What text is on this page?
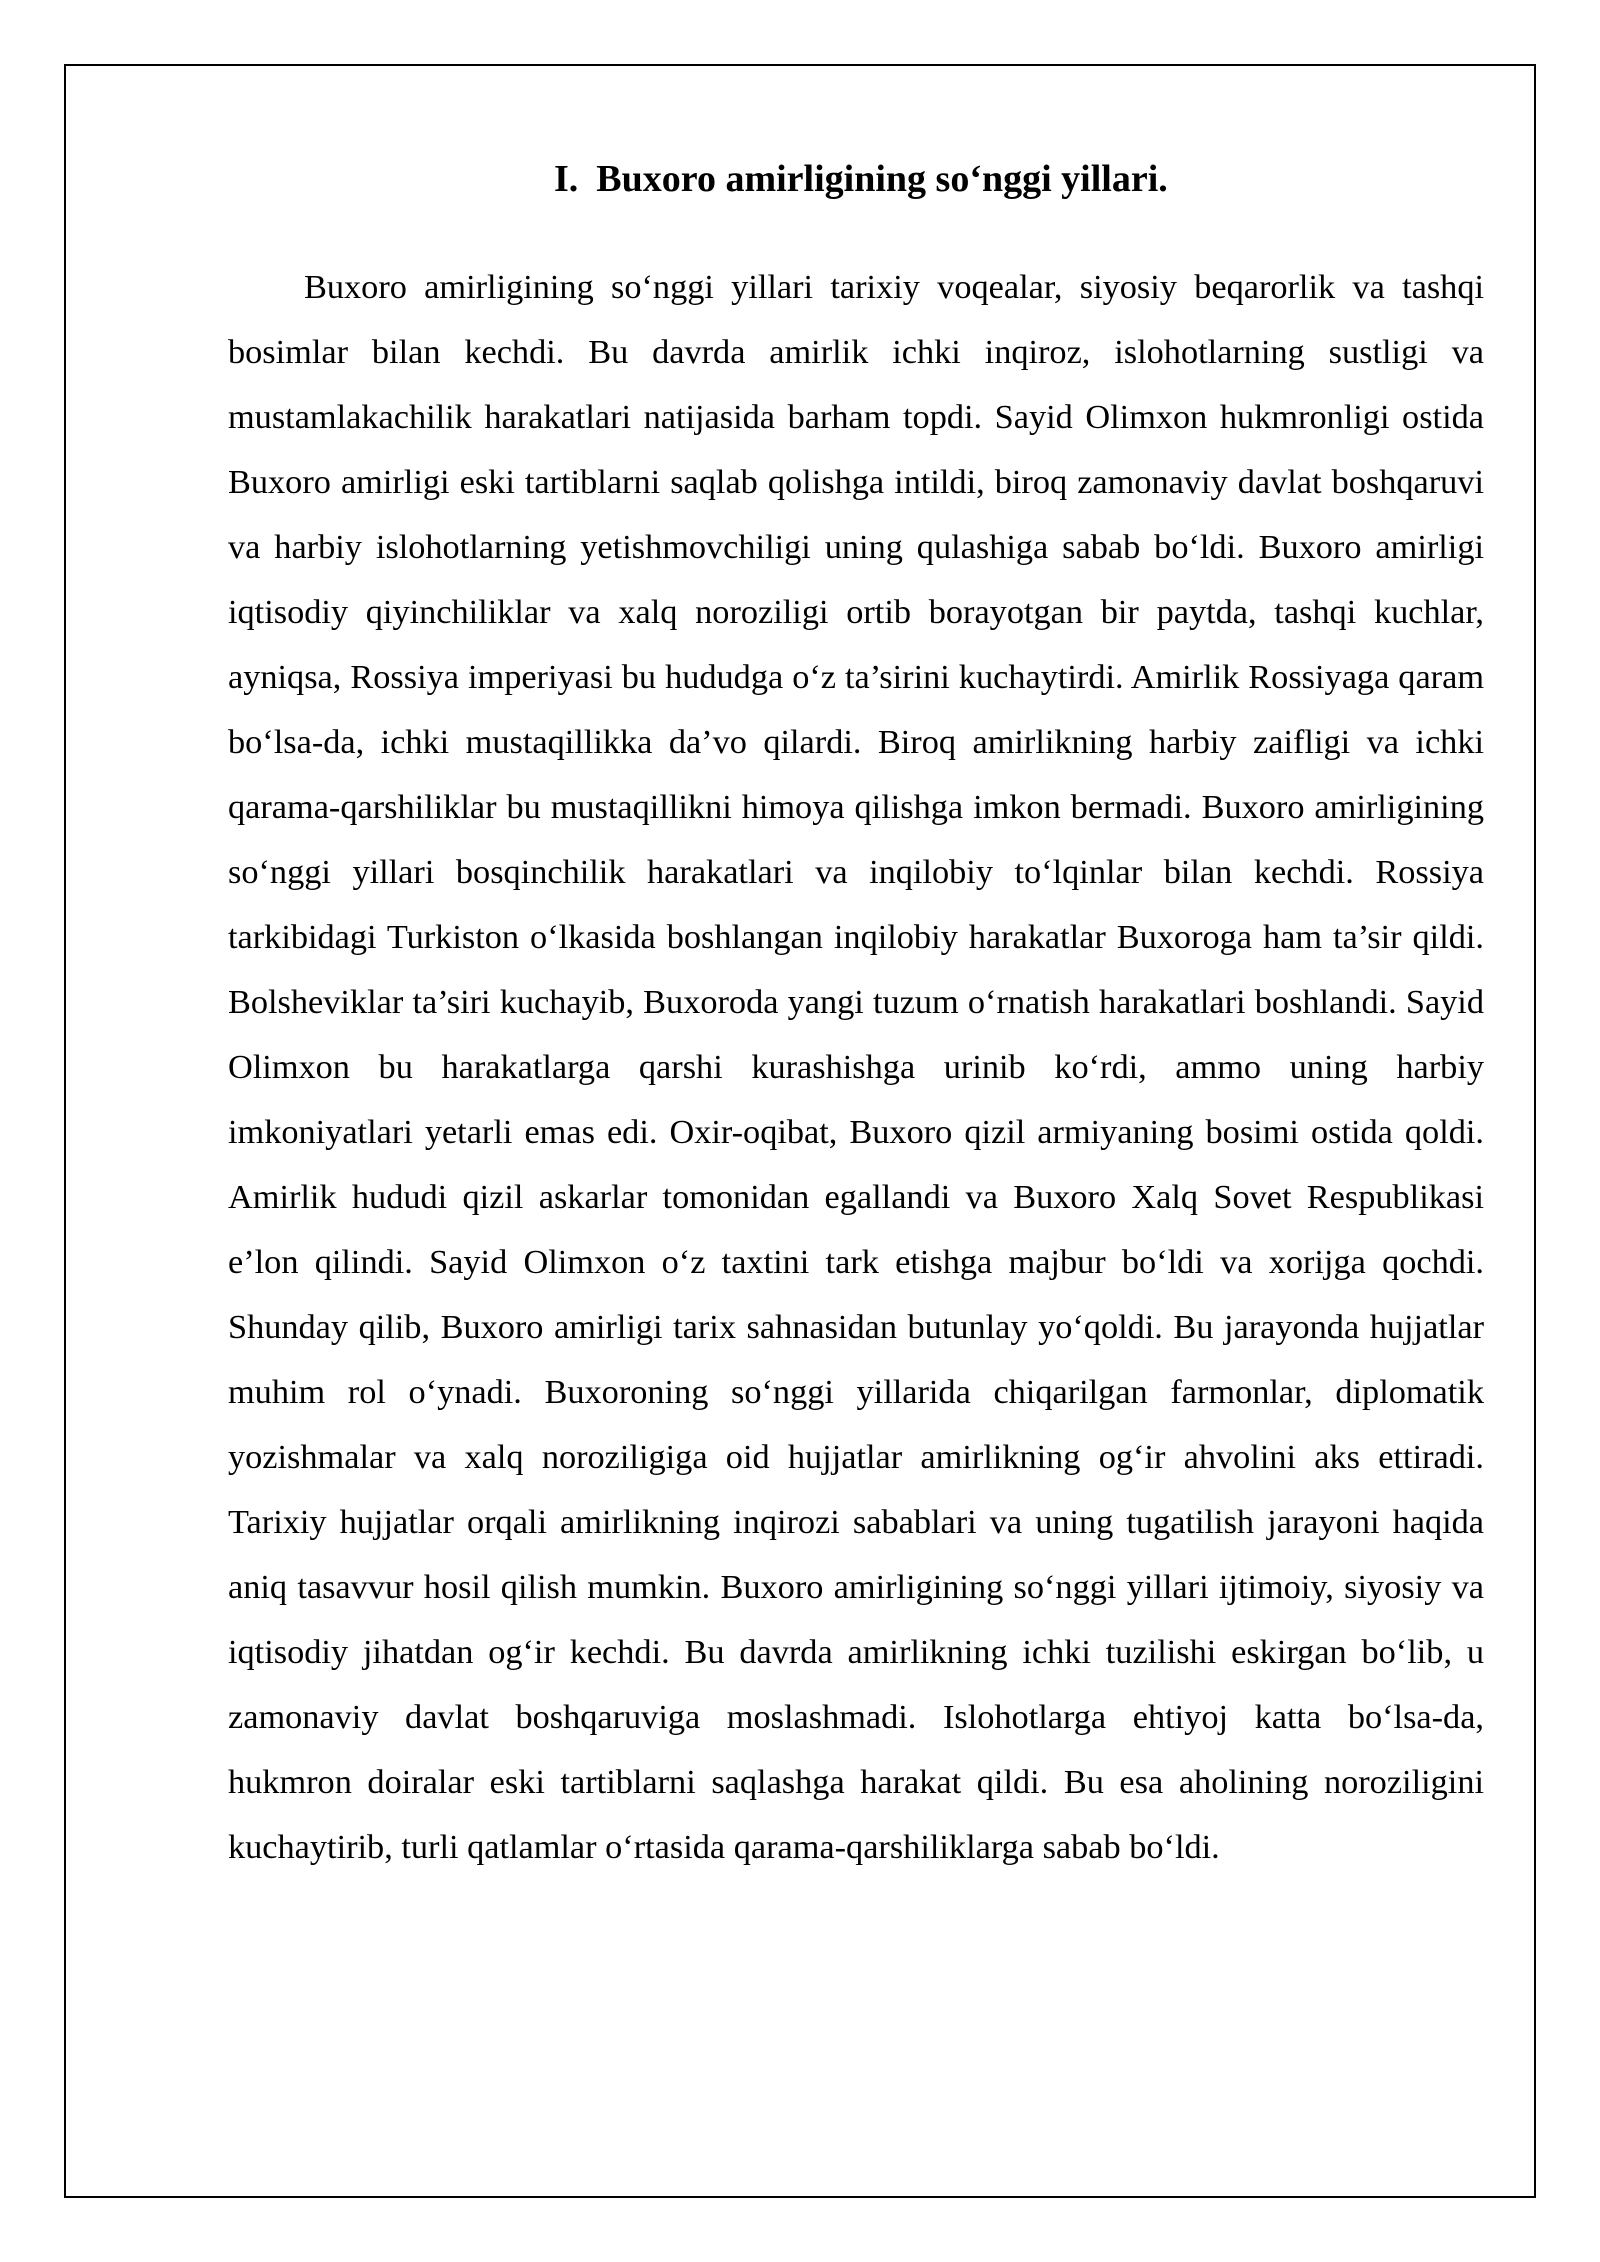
I. Buxoro amirligining so‘nggi yillari.

Buxoro amirligining so‘nggi yillari tarixiy voqealar, siyosiy beqarorlik va tashqi bosimlar bilan kechdi. Bu davrda amirlik ichki inqiroz, islohotlarning sustligi va mustamlakachilik harakatlari natijasida barham topdi. Sayid Olimxon hukmronligi ostida Buxoro amirligi eski tartiblarni saqlab qolishga intildi, biroq zamonaviy davlat boshqaruvi va harbiy islohotlarning yetishmovchiligi uning qulashiga sabab bo‘ldi. Buxoro amirligi iqtisodiy qiyinchiliklar va xalq noroziligi ortib borayotgan bir paytda, tashqi kuchlar, ayniqsa, Rossiya imperiyasi bu hududga o‘z ta’sirini kuchaytirdi. Amirlik Rossiyaga qaram bo‘lsa-da, ichki mustaqillikka da’vo qilardi. Biroq amirlikning harbiy zaifligi va ichki qarama-qarshiliklar bu mustaqillikni himoya qilishga imkon bermadi. Buxoro amirligining so‘nggi yillari bosqinchilik harakatlari va inqilobiy to‘lqinlar bilan kechdi. Rossiya tarkibidagi Turkiston o‘lkasida boshlangan inqilobiy harakatlar Buxoroga ham ta’sir qildi. Bolsheviklar ta’siri kuchayib, Buxoroda yangi tuzum o‘rnatish harakatlari boshlandi. Sayid Olimxon bu harakatlarga qarshi kurashishga urinib ko‘rdi, ammo uning harbiy imkoniyatlari yetarli emas edi. Oxir-oqibat, Buxoro qizil armiyaning bosimi ostida qoldi. Amirlik hududi qizil askarlar tomonidan egallandi va Buxoro Xalq Sovet Respublikasi e’lon qilindi. Sayid Olimxon o‘z taxtini tark etishga majbur bo‘ldi va xorijga qochdi. Shunday qilib, Buxoro amirligi tarix sahnasidan butunlay yo‘qoldi. Bu jarayonda hujjatlar muhim rol o‘ynadi. Buxoroning so‘nggi yillarida chiqarilgan farmonlar, diplomatik yozishmalar va xalq noroziligiga oid hujjatlar amirlikning og‘ir ahvolini aks ettiradi. Tarixiy hujjatlar orqali amirlikning inqirozi sabablari va uning tugatilish jarayoni haqida aniq tasavvur hosil qilish mumkin. Buxoro amirligining so‘nggi yillari ijtimoiy, siyosiy va iqtisodiy jihatdan og‘ir kechdi. Bu davrda amirlikning ichki tuzilishi eskirgan bo‘lib, u zamonaviy davlat boshqaruviga moslashmadi. Islohotlarga ehtiyoj katta bo‘lsa-da, hukmron doiralar eski tartiblarni saqlashga harakat qildi. Bu esa aholining noroziligini kuchaytirib, turli qatlamlar o‘rtasida qarama-qarshiliklarga sabab bo‘ldi.
